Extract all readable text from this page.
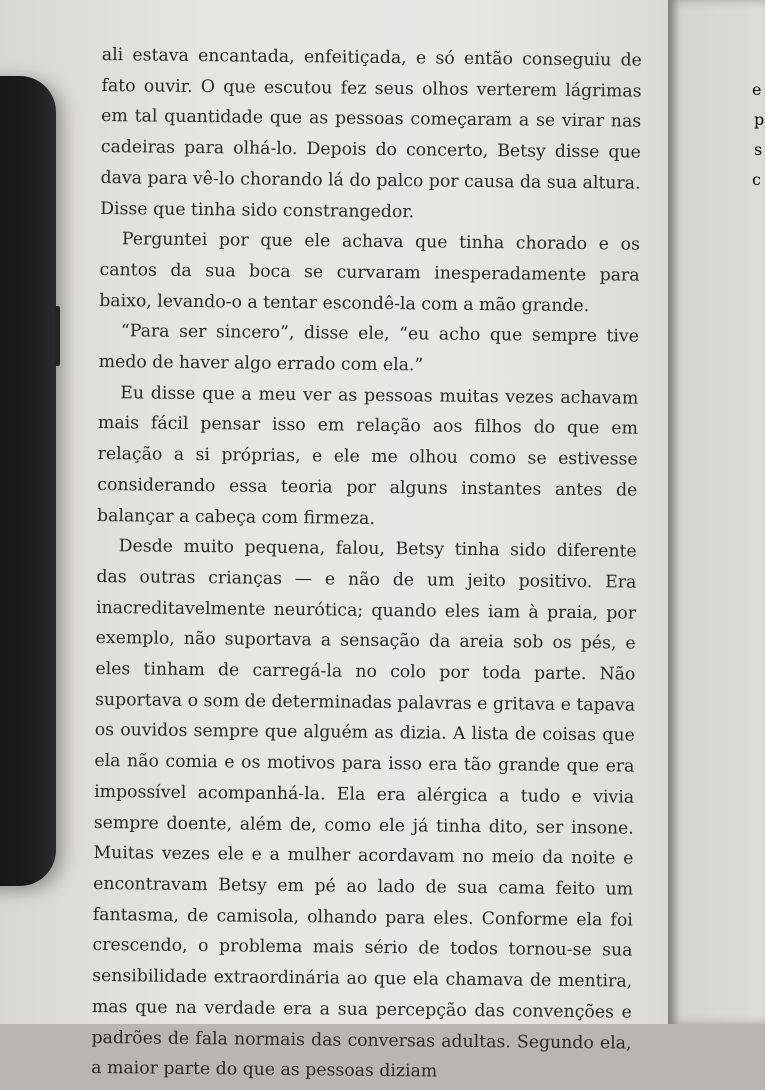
ali estava encantada, enfeitiçada, e só então conseguiu de fato ouvir. O que escutou fez seus olhos verterem lágrimas em tal quantidade que as pessoas começaram a se virar nas cadeiras para olhá-lo. Depois do concerto, Betsy disse que dava para vê-lo chorando lá do palco por causa da sua altura. Disse que tinha sido constrangedor.

Perguntei por que ele achava que tinha chorado e os cantos da sua boca se curvaram inesperadamente para baixo, levando-o a tentar escondê-la com a mão grande.

“Para ser sincero”, disse ele, “eu acho que sempre tive medo de haver algo errado com ela.”

Eu disse que a meu ver as pessoas muitas vezes achavam mais fácil pensar isso em relação aos filhos do que em relação a si próprias, e ele me olhou como se estivesse considerando essa teoria por alguns instantes antes de balançar a cabeça com firmeza.

Desde muito pequena, falou, Betsy tinha sido diferente das outras crianças — e não de um jeito positivo. Era inacreditavelmente neurótica; quando eles iam à praia, por exemplo, não suportava a sensação da areia sob os pés, e eles tinham de carregá-la no colo por toda parte. Não suportava o som de determinadas palavras e gritava e tapava os ouvidos sempre que alguém as dizia. A lista de coisas que ela não comia e os motivos para isso era tão grande que era impossível acompanhá-la. Ela era alérgica a tudo e vivia sempre doente, além de, como ele já tinha dito, ser insone. Muitas vezes ele e a mulher acordavam no meio da noite e encontravam Betsy em pé ao lado de sua cama feito um fantasma, de camisola, olhando para eles. Conforme ela foi crescendo, o problema mais sério de todos tornou-se sua sensibilidade extraordinária ao que ela chamava de mentira, mas que na verdade era a sua percepção das convenções e padrões de fala normais das conversas adultas. Segundo ela, a maior parte do que as pessoas diziam

e
p
s
c
